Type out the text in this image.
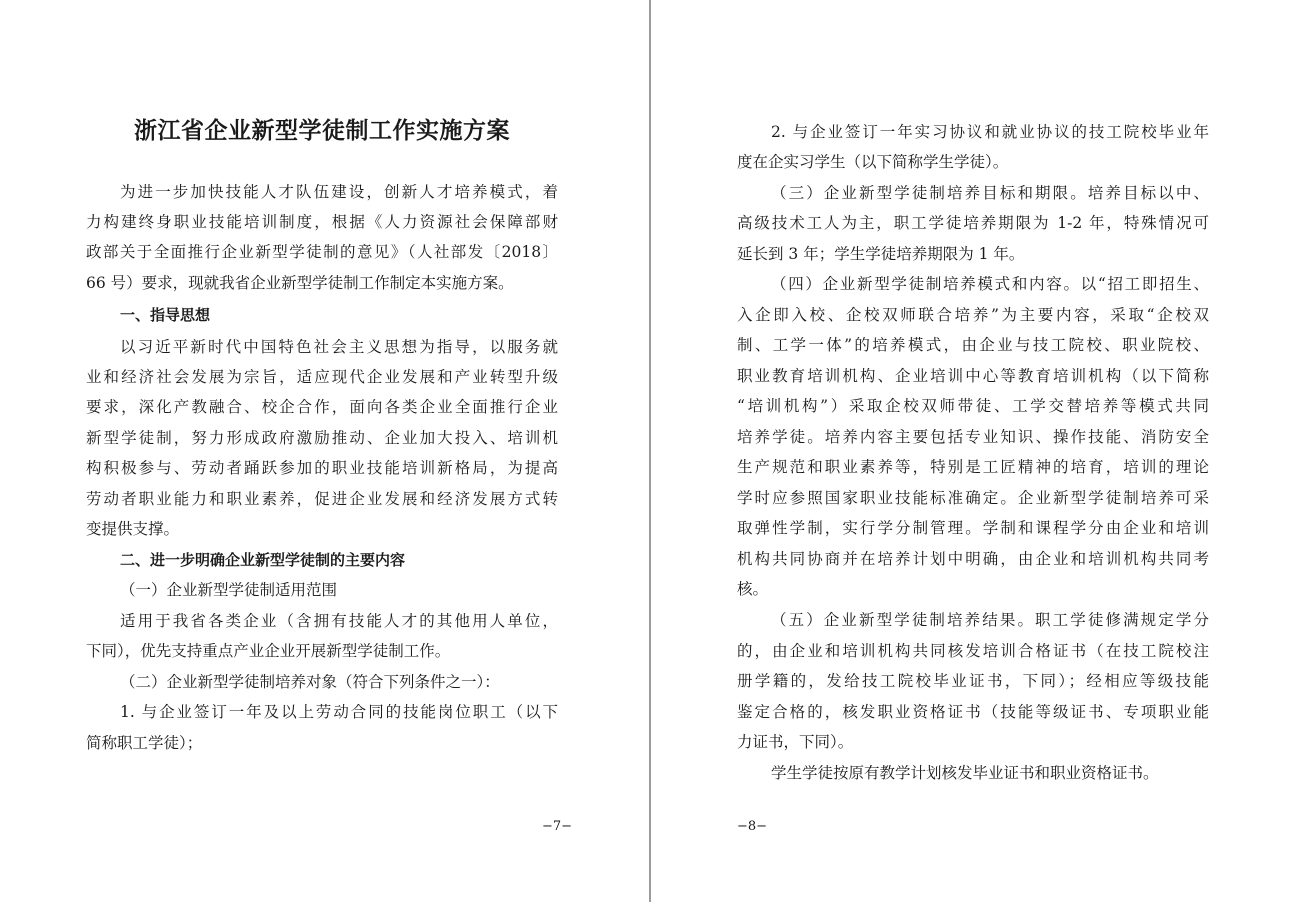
浙江省企业新型学徒制工作实施方案
为进一步加快技能人才队伍建设，创新人才培养模式，着
力构建终身职业技能培训制度，根据《人力资源社会保障部财
政部关于全面推行企业新型学徒制的意见》（人社部发〔2018〕
66 号）要求，现就我省企业新型学徒制工作制定本实施方案。
一、指导思想
以习近平新时代中国特色社会主义思想为指导，以服务就
业和经济社会发展为宗旨，适应现代企业发展和产业转型升级
要求，深化产教融合、校企合作，面向各类企业全面推行企业
新型学徒制，努力形成政府激励推动、企业加大投入、培训机
构积极参与、劳动者踊跃参加的职业技能培训新格局，为提高
劳动者职业能力和职业素养，促进企业发展和经济发展方式转
变提供支撑。
二、进一步明确企业新型学徒制的主要内容
（一）企业新型学徒制适用范围
适用于我省各类企业（含拥有技能人才的其他用人单位，
下同），优先支持重点产业企业开展新型学徒制工作。
（二）企业新型学徒制培养对象（符合下列条件之一）：
1. 与企业签订一年及以上劳动合同的技能岗位职工（以下
简称职工学徒）；
−7−
2. 与企业签订一年实习协议和就业协议的技工院校毕业年
度在企实习学生（以下简称学生学徒）。
（三）企业新型学徒制培养目标和期限。培养目标以中、
高级技术工人为主，职工学徒培养期限为 1-2 年，特殊情况可
延长到 3 年；学生学徒培养期限为 1 年。
（四）企业新型学徒制培养模式和内容。以“招工即招生、
入企即入校、企校双师联合培养”为主要内容，采取“企校双
制、工学一体”的培养模式，由企业与技工院校、职业院校、
职业教育培训机构、企业培训中心等教育培训机构（以下简称
“培训机构”）采取企校双师带徒、工学交替培养等模式共同
培养学徒。培养内容主要包括专业知识、操作技能、消防安全
生产规范和职业素养等，特别是工匠精神的培育，培训的理论
学时应参照国家职业技能标准确定。企业新型学徒制培养可采
取弹性学制，实行学分制管理。学制和课程学分由企业和培训
机构共同协商并在培养计划中明确，由企业和培训机构共同考
核。
（五）企业新型学徒制培养结果。职工学徒修满规定学分
的，由企业和培训机构共同核发培训合格证书（在技工院校注
册学籍的，发给技工院校毕业证书，下同）；经相应等级技能
鉴定合格的，核发职业资格证书（技能等级证书、专项职业能
力证书，下同）。
学生学徒按原有教学计划核发毕业证书和职业资格证书。
−8−
